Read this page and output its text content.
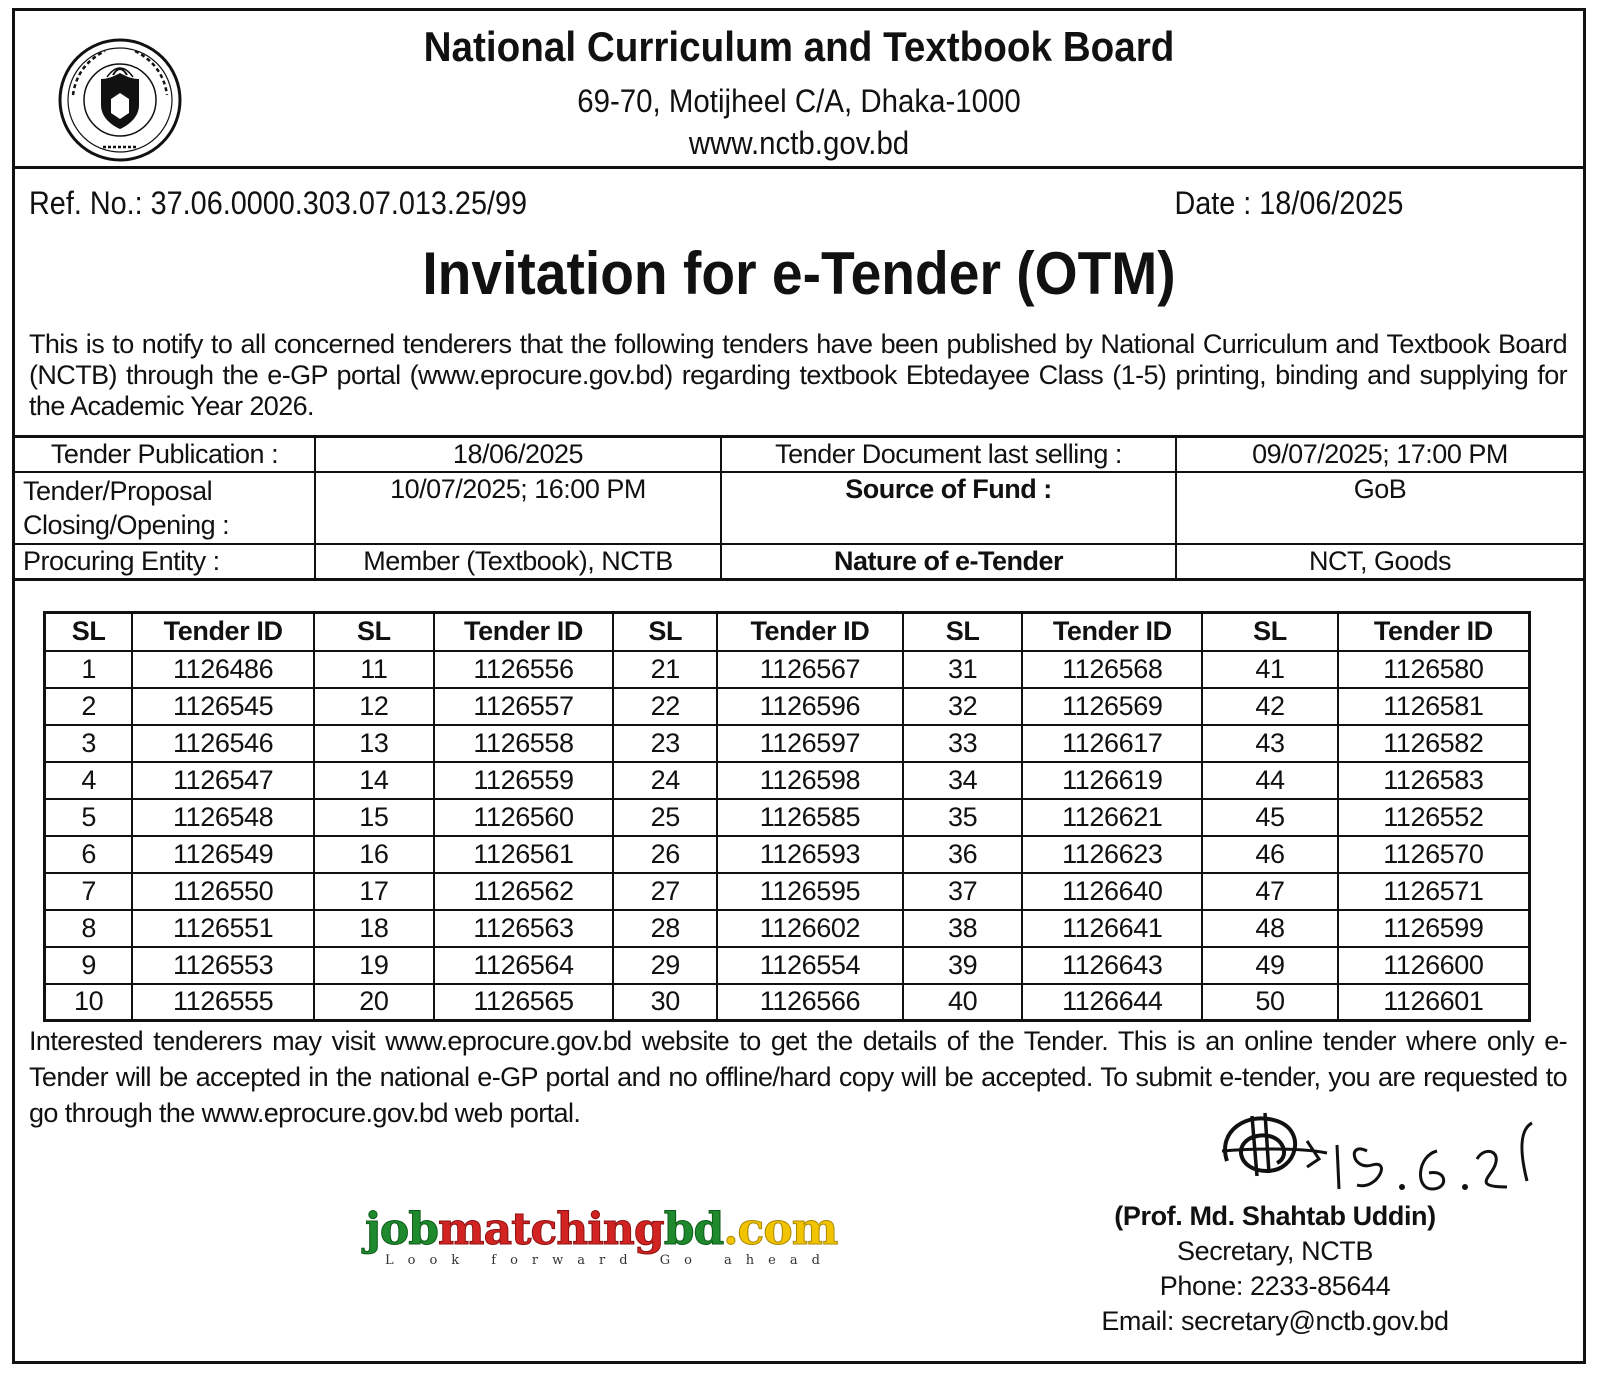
National Curriculum and Textbook Board
69-70, Motijheel C/A, Dhaka-1000
www.nctb.gov.bd
Ref. No.: 37.06.0000.303.07.013.25/99	Date : 18/06/2025
Invitation for e-Tender (OTM)
This is to notify to all concerned tenderers that the following tenders have been published by National Curriculum and Textbook Board (NCTB) through the e-GP portal (www.eprocure.gov.bd) regarding textbook Ebtedayee Class (1-5) printing, binding and supplying for the Academic Year 2026.
Tender Publication :	18/06/2025	Tender Document last selling :	09/07/2025; 17:00 PM

Tender/Proposal
Closing/Opening :	10/07/2025; 16:00 PM	Source of Fund :	GoB
Procuring Entity :	Member (Textbook), NCTB	Nature of e-Tender	NCT, Goods
SL	Tender ID	SL	Tender ID	SL	Tender ID	SL	Tender ID	SL	Tender ID
1	1126486	11	1126556	21	1126567	31	1126568	41	1126580
2	1126545	12	1126557	22	1126596	32	1126569	42	1126581
3	1126546	13	1126558	23	1126597	33	1126617	43	1126582
4	1126547	14	1126559	24	1126598	34	1126619	44	1126583
5	1126548	15	1126560	25	1126585	35	1126621	45	1126552
6	1126549	16	1126561	26	1126593	36	1126623	46	1126570
7	1126550	17	1126562	27	1126595	37	1126640	47	1126571
8	1126551	18	1126563	28	1126602	38	1126641	48	1126599
9	1126553	19	1126564	29	1126554	39	1126643	49	1126600
10	1126555	20	1126565	30	1126566	40	1126644	50	1126601
Interested tenderers may visit www.eprocure.gov.bd website to get the details of the Tender. This is an online tender where only e-Tender will be accepted in the national e-GP portal and no offline/hard copy will be accepted. To submit e-tender, you are requested to go through the www.eprocure.gov.bd web portal.
jobmatchingbd.com
Look forward Go ahead
(Prof. Md. Shahtab Uddin)
Secretary, NCTB
Phone: 2233-85644
Email: secretary@nctb.gov.bd
